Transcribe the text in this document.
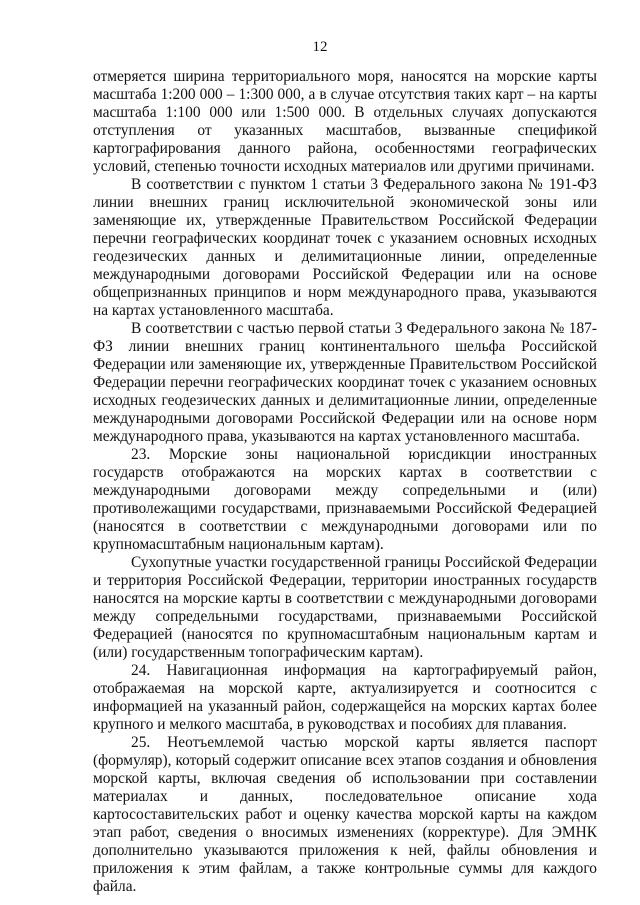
12

отмеряется ширина территориального моря, наносятся на морские карты масштаба 1:200 000 – 1:300 000, а в случае отсутствия таких карт – на карты масштаба 1:100 000 или 1:500 000. В отдельных случаях допускаются отступления от указанных масштабов, вызванные спецификой картографирования данного района, особенностями географических условий, степенью точности исходных материалов или другими причинами.

В соответствии с пунктом 1 статьи 3 Федерального закона № 191-ФЗ линии внешних границ исключительной экономической зоны или заменяющие их, утвержденные Правительством Российской Федерации перечни географических координат точек с указанием основных исходных геодезических данных и делимитационные линии, определенные международными договорами Российской Федерации или на основе общепризнанных принципов и норм международного права, указываются на картах установленного масштаба.

В соответствии с частью первой статьи 3 Федерального закона № 187-ФЗ линии внешних границ континентального шельфа Российской Федерации или заменяющие их, утвержденные Правительством Российской Федерации перечни географических координат точек с указанием основных исходных геодезических данных и делимитационные линии, определенные международными договорами Российской Федерации или на основе норм международного права, указываются на картах установленного масштаба.

23. Морские зоны национальной юрисдикции иностранных государств отображаются на морских картах в соответствии с международными договорами между сопредельными и (или) противолежащими государствами, признаваемыми Российской Федерацией (наносятся в соответствии с международными договорами или по крупномасштабным национальным картам).

Сухопутные участки государственной границы Российской Федерации и территория Российской Федерации, территории иностранных государств наносятся на морские карты в соответствии с международными договорами между сопредельными государствами, признаваемыми Российской Федерацией (наносятся по крупномасштабным национальным картам и (или) государственным топографическим картам).

24. Навигационная информация на картографируемый район, отображаемая на морской карте, актуализируется и соотносится с информацией на указанный район, содержащейся на морских картах более крупного и мелкого масштаба, в руководствах и пособиях для плавания.

25. Неотъемлемой частью морской карты является паспорт (формуляр), который содержит описание всех этапов создания и обновления морской карты, включая сведения об использовании при составлении материалах и данных, последовательное описание хода картосоставительских работ и оценку качества морской карты на каждом этап работ, сведения о вносимых изменениях (корректуре). Для ЭМНК дополнительно указываются приложения к ней, файлы обновления и приложения к этим файлам, а также контрольные суммы для каждого файла.
